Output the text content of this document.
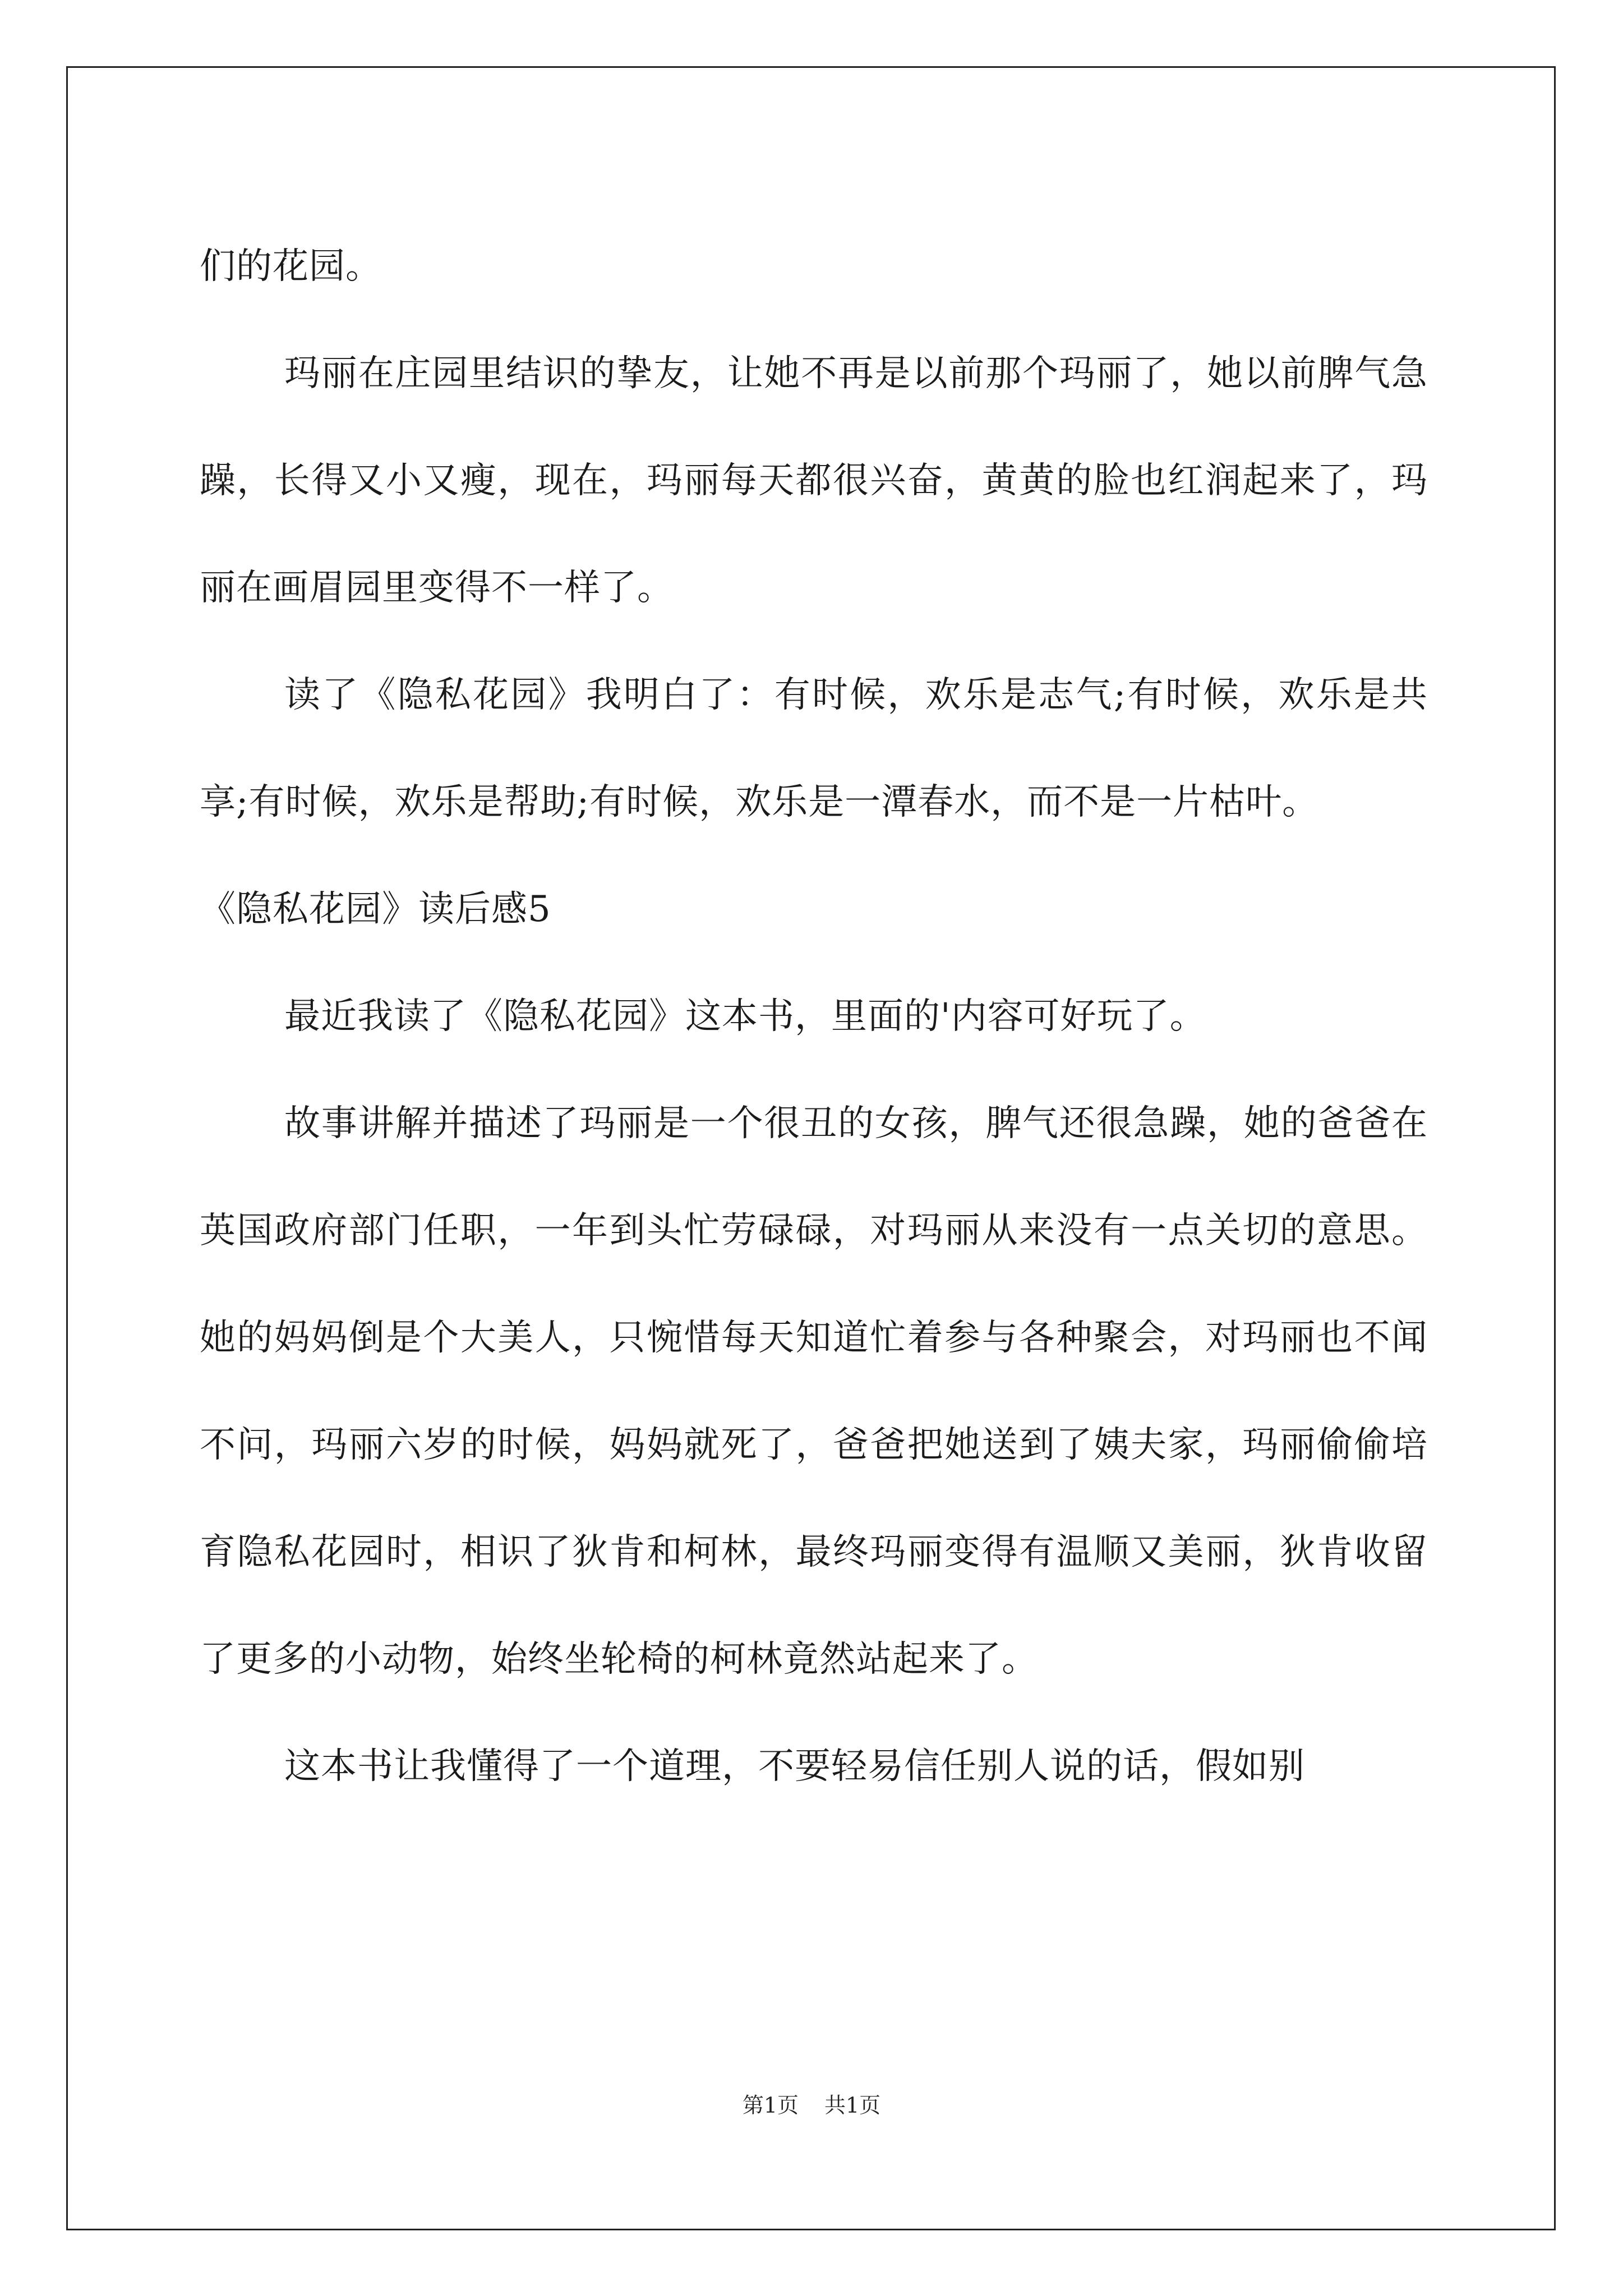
们的花园。

玛丽在庄园里结识的挚友，让她不再是以前那个玛丽了，她以前脾气急躁，长得又小又瘦，现在，玛丽每天都很兴奋，黄黄的脸也红润起来了，玛丽在画眉园里变得不一样了。

读了《隐私花园》我明白了：有时候，欢乐是志气;有时候，欢乐是共享;有时候，欢乐是帮助;有时候，欢乐是一潭春水，而不是一片枯叶。

《隐私花园》读后感5

最近我读了《隐私花园》这本书，里面的'内容可好玩了。

故事讲解并描述了玛丽是一个很丑的女孩，脾气还很急躁，她的爸爸在英国政府部门任职，一年到头忙劳碌碌，对玛丽从来没有一点关切的意思。她的妈妈倒是个大美人，只惋惜每天知道忙着参与各种聚会，对玛丽也不闻不问，玛丽六岁的时候，妈妈就死了，爸爸把她送到了姨夫家，玛丽偷偷培育隐私花园时，相识了狄肯和柯林，最终玛丽变得有温顺又美丽，狄肯收留了更多的小动物，始终坐轮椅的柯林竟然站起来了。

这本书让我懂得了一个道理，不要轻易信任别人说的话，假如别

第1页 共1页
